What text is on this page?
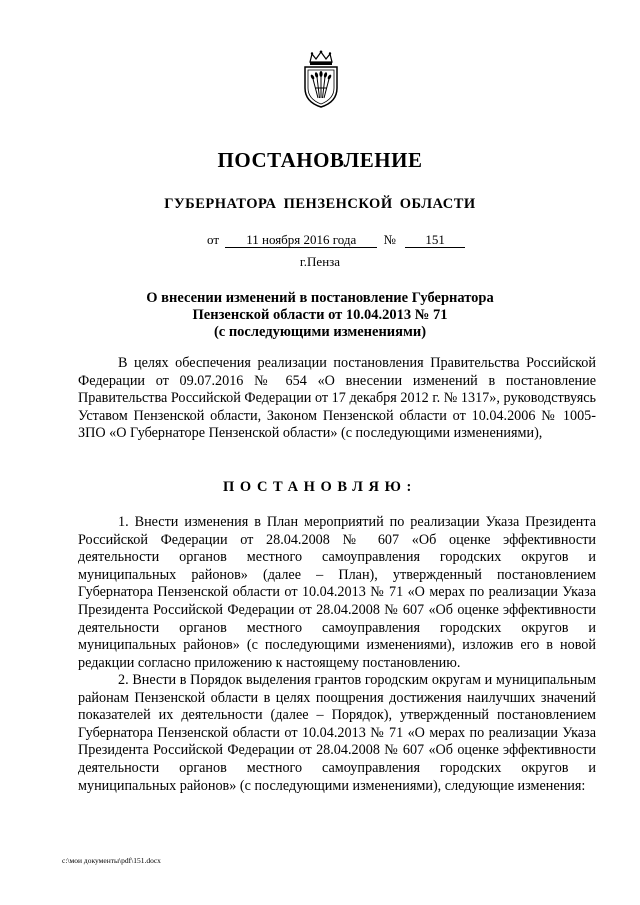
ПОСТАНОВЛЕНИЕ
ГУБЕРНАТОРА ПЕНЗЕНСКОЙ ОБЛАСТИ
от 11 ноября 2016 года № 151
г.Пенза
О внесении изменений в постановление Губернатора
Пензенской области от 10.04.2013 № 71
(с последующими изменениями)
В целях обеспечения реализации постановления Правительства Российской Федерации от 09.07.2016 № 654 «О внесении изменений в постановление Правительства Российской Федерации от 17 декабря 2012 г. № 1317», руководствуясь Уставом Пензенской области, Законом Пензенской области от 10.04.2006 № 1005-ЗПО «О Губернаторе Пензенской области» (с последующими изменениями),
ПОСТАНОВЛЯЮ:
1. Внести изменения в План мероприятий по реализации Указа Президента Российской Федерации от 28.04.2008 № 607 «Об оценке эффективности деятельности органов местного самоуправления городских округов и муниципальных районов» (далее – План), утвержденный постановлением Губернатора Пензенской области от 10.04.2013 № 71 «О мерах по реализации Указа Президента Российской Федерации от 28.04.2008 № 607 «Об оценке эффективности деятельности органов местного самоуправления городских округов и муниципальных районов» (с последующими изменениями), изложив его в новой редакции согласно приложению к настоящему постановлению.
2. Внести в Порядок выделения грантов городским округам и муниципальным районам Пензенской области в целях поощрения достижения наилучших значений показателей их деятельности (далее – Порядок), утвержденный постановлением Губернатора Пензенской области от 10.04.2013 № 71 «О мерах по реализации Указа Президента Российской Федерации от 28.04.2008 № 607 «Об оценке эффективности деятельности органов местного самоуправления городских округов и муниципальных районов» (с последующими изменениями), следующие изменения:
c:\мои документы\pdf\151.docx
